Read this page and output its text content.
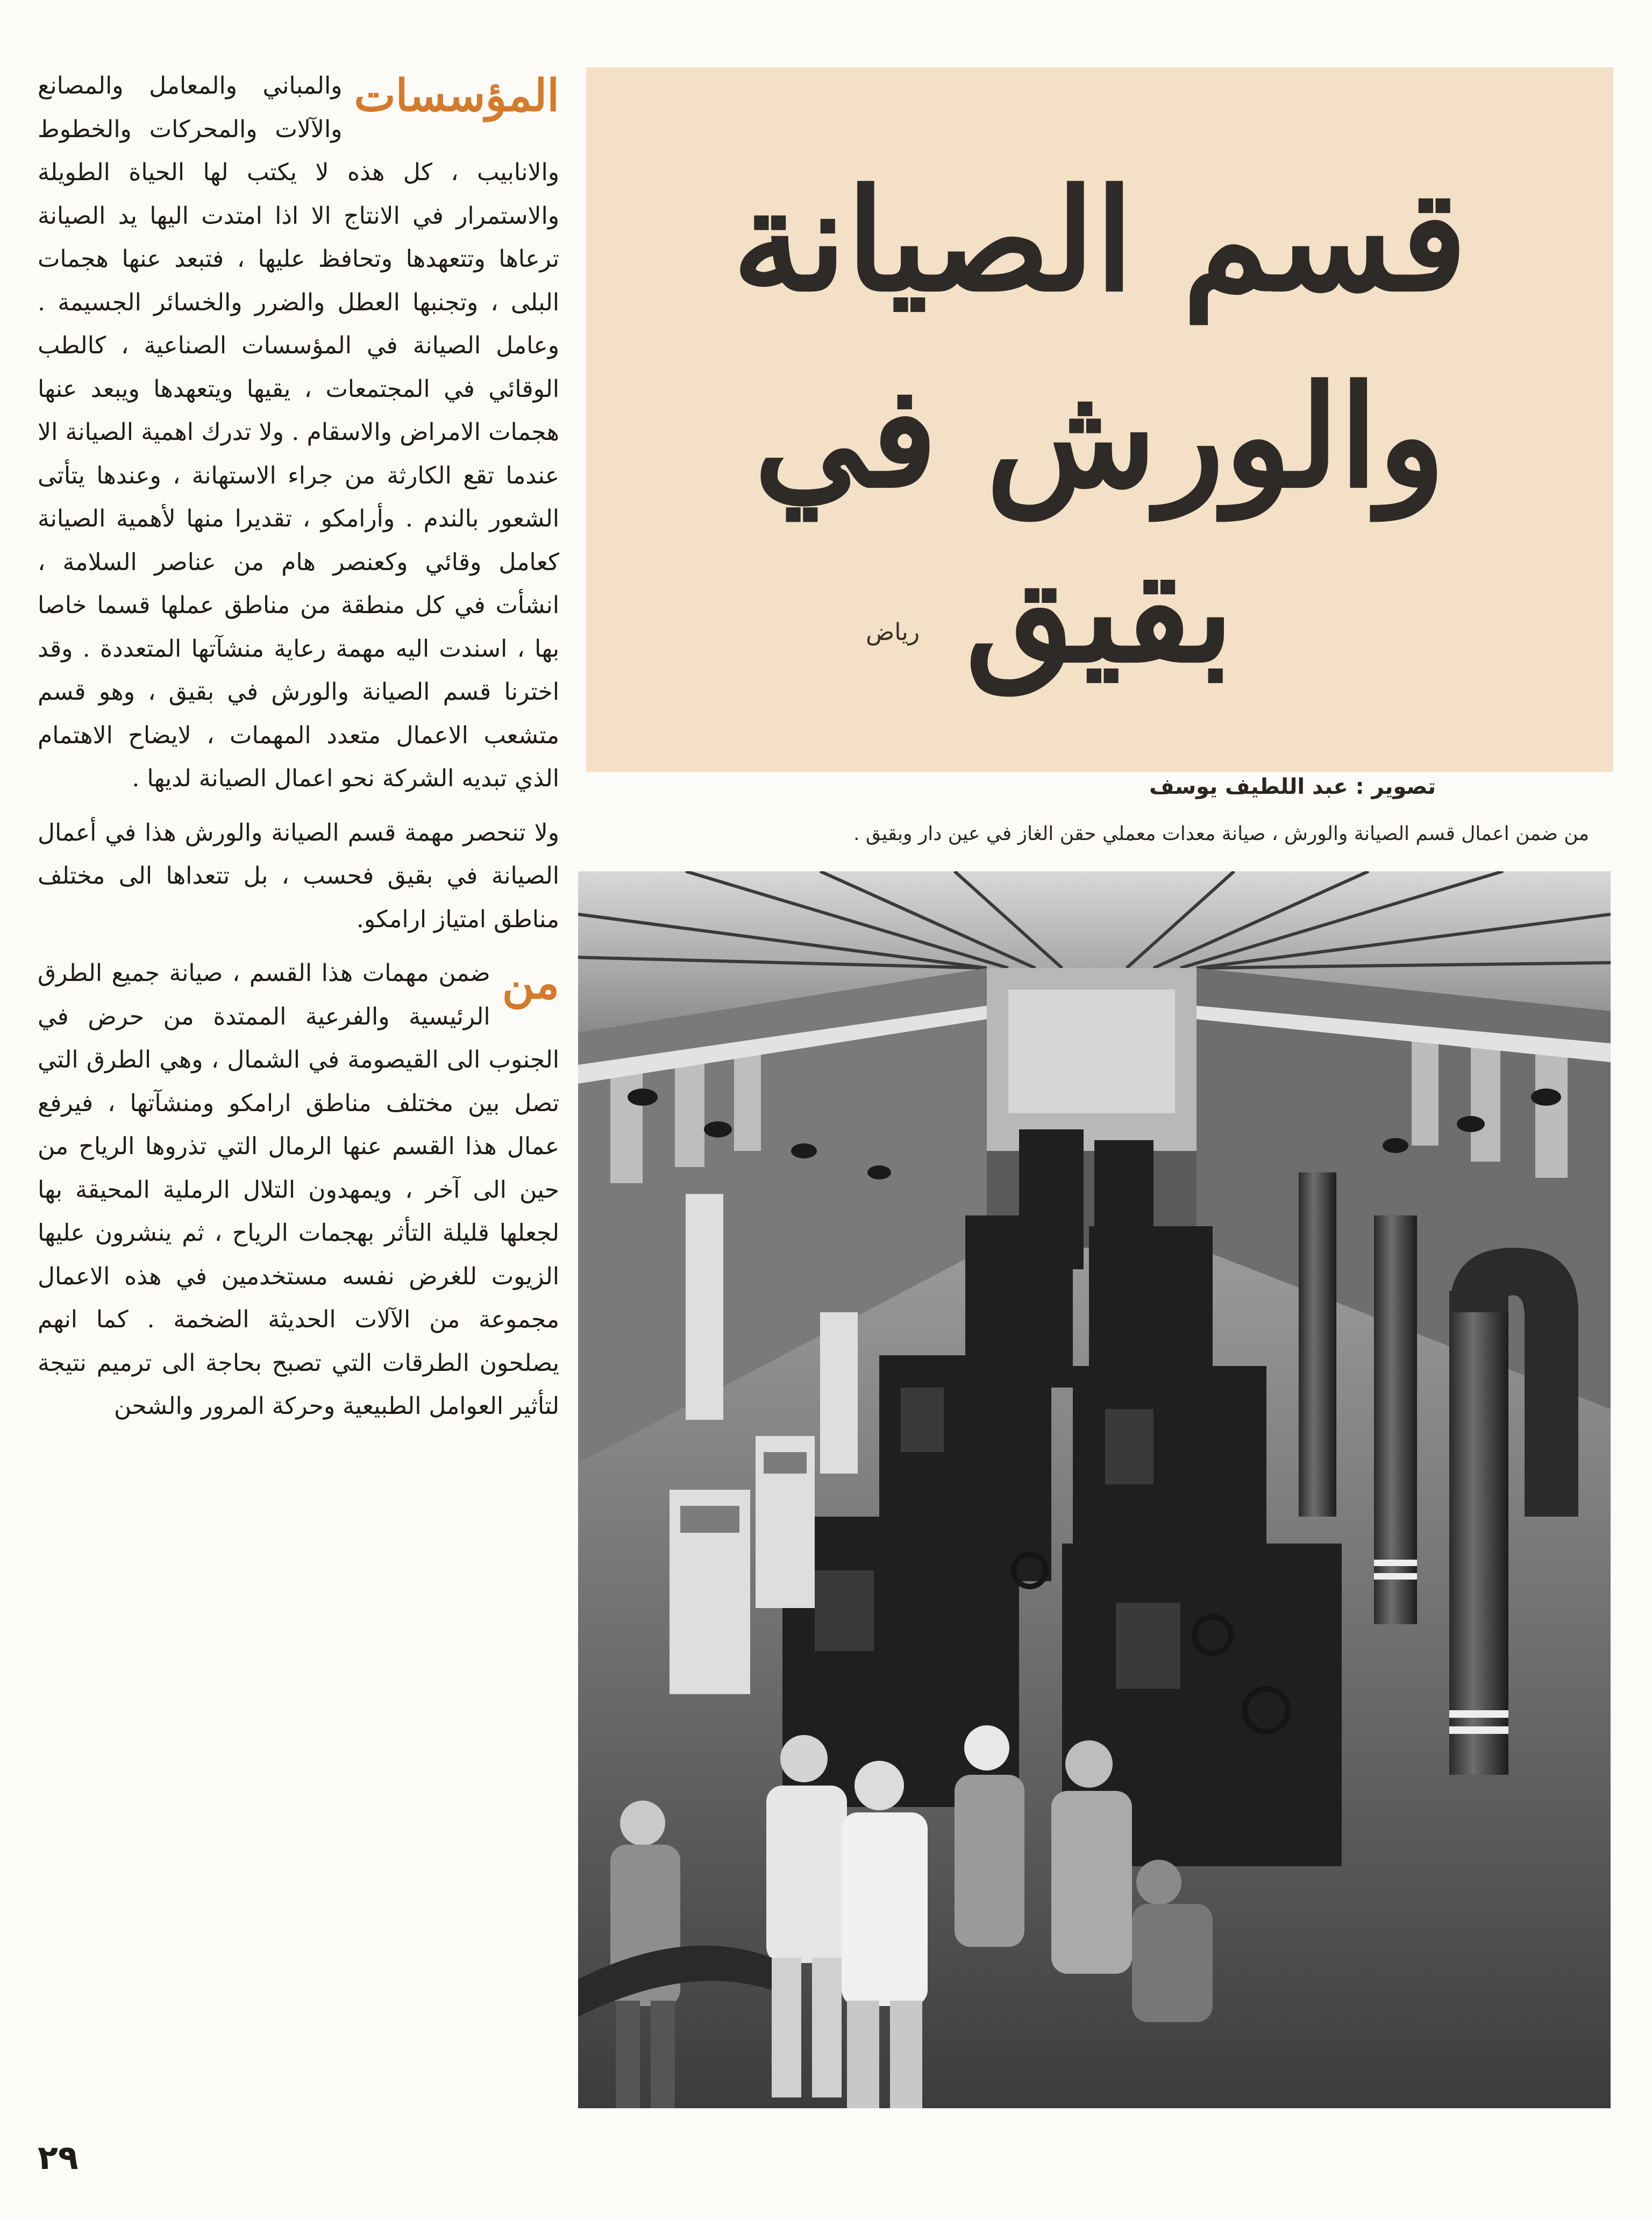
قسم الصيانة
والورش في بقيق
رياض
تصوير : عبد اللطيف يوسف
من ضمن اعمال قسم الصيانة والورش ، صيانة معدات معملي حقن الغاز في عين دار وبقيق .

المؤسسات
والمباني والمعامل والمصانع والآلات والمحركات والخطوط والانابيب ، كل هذه لا يكتب لها الحياة الطويلة والاستمرار في الانتاج الا اذا امتدت اليها يد الصيانة ترعاها وتتعهدها وتحافظ عليها ، فتبعد عنها هجمات البلى ، وتجنبها العطل والضرر والخسائر الجسيمة . وعامل الصيانة في المؤسسات الصناعية ، كالطب الوقائي في المجتمعات ، يقيها ويتعهدها ويبعد عنها هجمات الامراض والاسقام . ولا تدرك اهمية الصيانة الا عندما تقع الكارثة من جراء الاستهانة ، وعندها يتأتى الشعور بالندم . وأرامكو ، تقديرا منها لأهمية الصيانة كعامل وقائي وكعنصر هام من عناصر السلامة ، انشأت في كل منطقة من مناطق عملها قسما خاصا بها ، اسندت اليه مهمة رعاية منشآتها المتعددة . وقد اخترنا قسم الصيانة والورش في بقيق ، وهو قسم متشعب الاعمال متعدد المهمات ، لايضاح الاهتمام الذي تبديه الشركة نحو اعمال الصيانة لديها .

ولا تنحصر مهمة قسم الصيانة والورش هذا في أعمال الصيانة في بقيق فحسب ، بل تتعداها الى مختلف مناطق امتياز ارامكو.

من
ضمن مهمات هذا القسم ، صيانة جميع الطرق الرئيسية والفرعية الممتدة من حرض في الجنوب الى القيصومة في الشمال ، وهي الطرق التي تصل بين مختلف مناطق ارامكو ومنشآتها ، فيرفع عمال هذا القسم عنها الرمال التي تذروها الرياح من حين الى آخر ، ويمهدون التلال الرملية المحيقة بها لجعلها قليلة التأثر بهجمات الرياح ، ثم ينشرون عليها الزيوت للغرض نفسه مستخدمين في هذه الاعمال مجموعة من الآلات الحديثة الضخمة . كما انهم يصلحون الطرقات التي تصبح بحاجة الى ترميم نتيجة لتأثير العوامل الطبيعية وحركة المرور والشحن

٢٩
